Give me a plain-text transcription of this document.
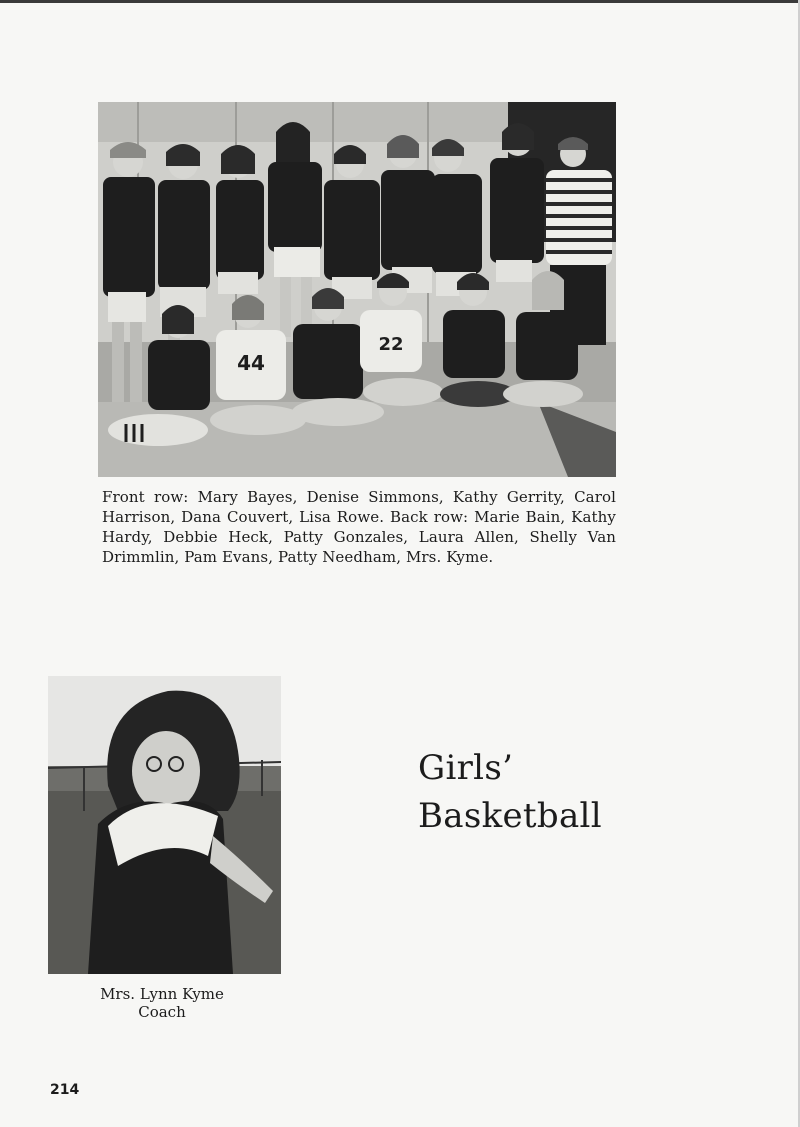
44
22
Front row: Mary Bayes, Denise Simmons, Kathy Gerrity, Carol Harrison, Dana Couvert, Lisa Rowe. Back row: Marie Bain, Kathy Hardy, Debbie Heck, Patty Gonzales, Laura Allen, Shelly Van Drimmlin, Pam Evans, Patty Needham, Mrs. Kyme.
Mrs. Lynn Kyme
Coach
Girls’
Basketball
214
